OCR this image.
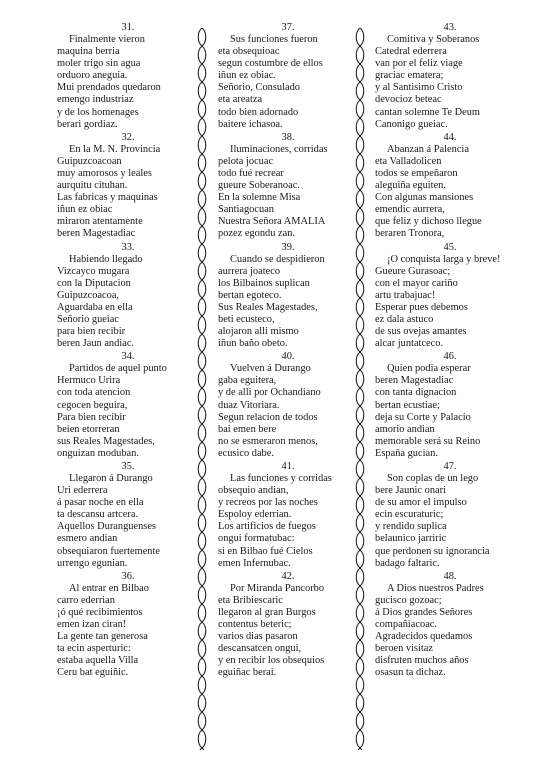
31.
Finalmente vieron
maquina berria
moler trigo sin agua
orduoro aneguia.
Mui prendados quedaron
emengo industriaz
y de los homenages
berari gordiaz.
32.
En la M. N. Provincia
Guipuzcoacoan
muy amorosos y leales
aurquitu cituhan.
Las fabricas y maquinas
iñun ez obiac
miraron atentamente
beren Magestadiac
33.
Habiendo llegado
Vizcayco mugara
con la Diputacion
Guipuzcoacoa,
Aguardaba en ella
Señorio gueiac
para bien recibir
beren Jaun andiac.
34.
Partidos de aquel punto
Hermuco Urira
con toda atencion
cegocen beguira,
Para bien recibir
beien etorreran
sus Reales Magestades,
onguizan moduban.
35.
Llegaron á Durango
Uri ederrera
á pasar noche en ella
ta descansu artcera.
Aquellos Duranguenses
esmero andian
obsequiaron fuertemente
urrengo egunian.
36.
Al entrar en Bilbao
carro ederrian
¡ó qué recibimientos
emen izan ciran!
La gente tan generosa
ta ecin asperturic:
estaba aquella Villa
Ceru bat eguiñic.
37.
Sus funciones fueron
eta obsequioac
segun costumbre de ellos
iñun ez obiac.
Señorio, Consulado
eta areatza
todo bien adornado
baitere ichasoa.
38.
Iluminaciones, corridas
pelota jocuac
todo fué recrear
gueure Soberanoac.
En la solemne Misa
Santiagocuan
Nuestra Señora AMALIA
pozez egondu zan.
39.
Cuando se despidieron
aurrera joateco
los Bilbainos suplican
bertan egoteco.
Sus Reales Magestades,
beti ecusteco,
alojaron alli mismo
iñun baño obeto.
40.
Vuelven á Durango
gaba eguitera,
y de alli por Ochandiano
duaz Vitoriara.
Segun relacion de todos
bai emen bere
no se esmeraron menos,
ecusico dabe.
41.
Las funciones y corridas
obsequio andian,
y recreos por las noches
Espoloy ederrian.
Los artificios de fuegos
ongui formatubac:
si en Bilbao fué Cielos
emen Infernubac.
42.
Por Miranda Pancorbo
eta Bribiescaric
llegaron al gran Burgos
contentus beteric;
varios dias pasaron
descansatcen ongui,
y en recibir los obsequios
eguiñac berai.
43.
Comitiva y Soberanos
Catedral ederrera
van por el feliz viage
graciac ematera;
y al Santisimo Cristo
devocioz beteac
cantan solemne Te Deum
Canonigo gueiac.
44.
Abanzan á Palencia
eta Valladolicen
todos se empeñaron
aleguiña eguiten.
Con algunas mansiones
emendic aurrera,
que feliz y dichoso llegue
beraren Tronora,
45.
¡O conquista larga y breve!
Gueure Gurasoac;
con el mayor cariño
artu trabajuac!
Esperar pues debemos
ez dala astuco
de sus ovejas amantes
alcar juntatceco.
46.
Quien podia esperar
beren Magestadiac
con tanta dignacion
bertan ecustiae;
deja su Corte y Palacio
amorio andian
memorable será su Reino
España gucian.
47.
Son coplas de un lego
bere Jaunic onari
de su amor el impulso
ecin escuraturic;
y rendido suplica
belaunico jarriric
que perdonen su ignorancia
badago faltaric.
48.
A Dios nuestros Padres
gucisco gozoac;
á Dios grandes Señores
compañiacoac.
Agradecidos quedamos
beroen visitaz
disfruten muchos años
osasun ta dichaz.
